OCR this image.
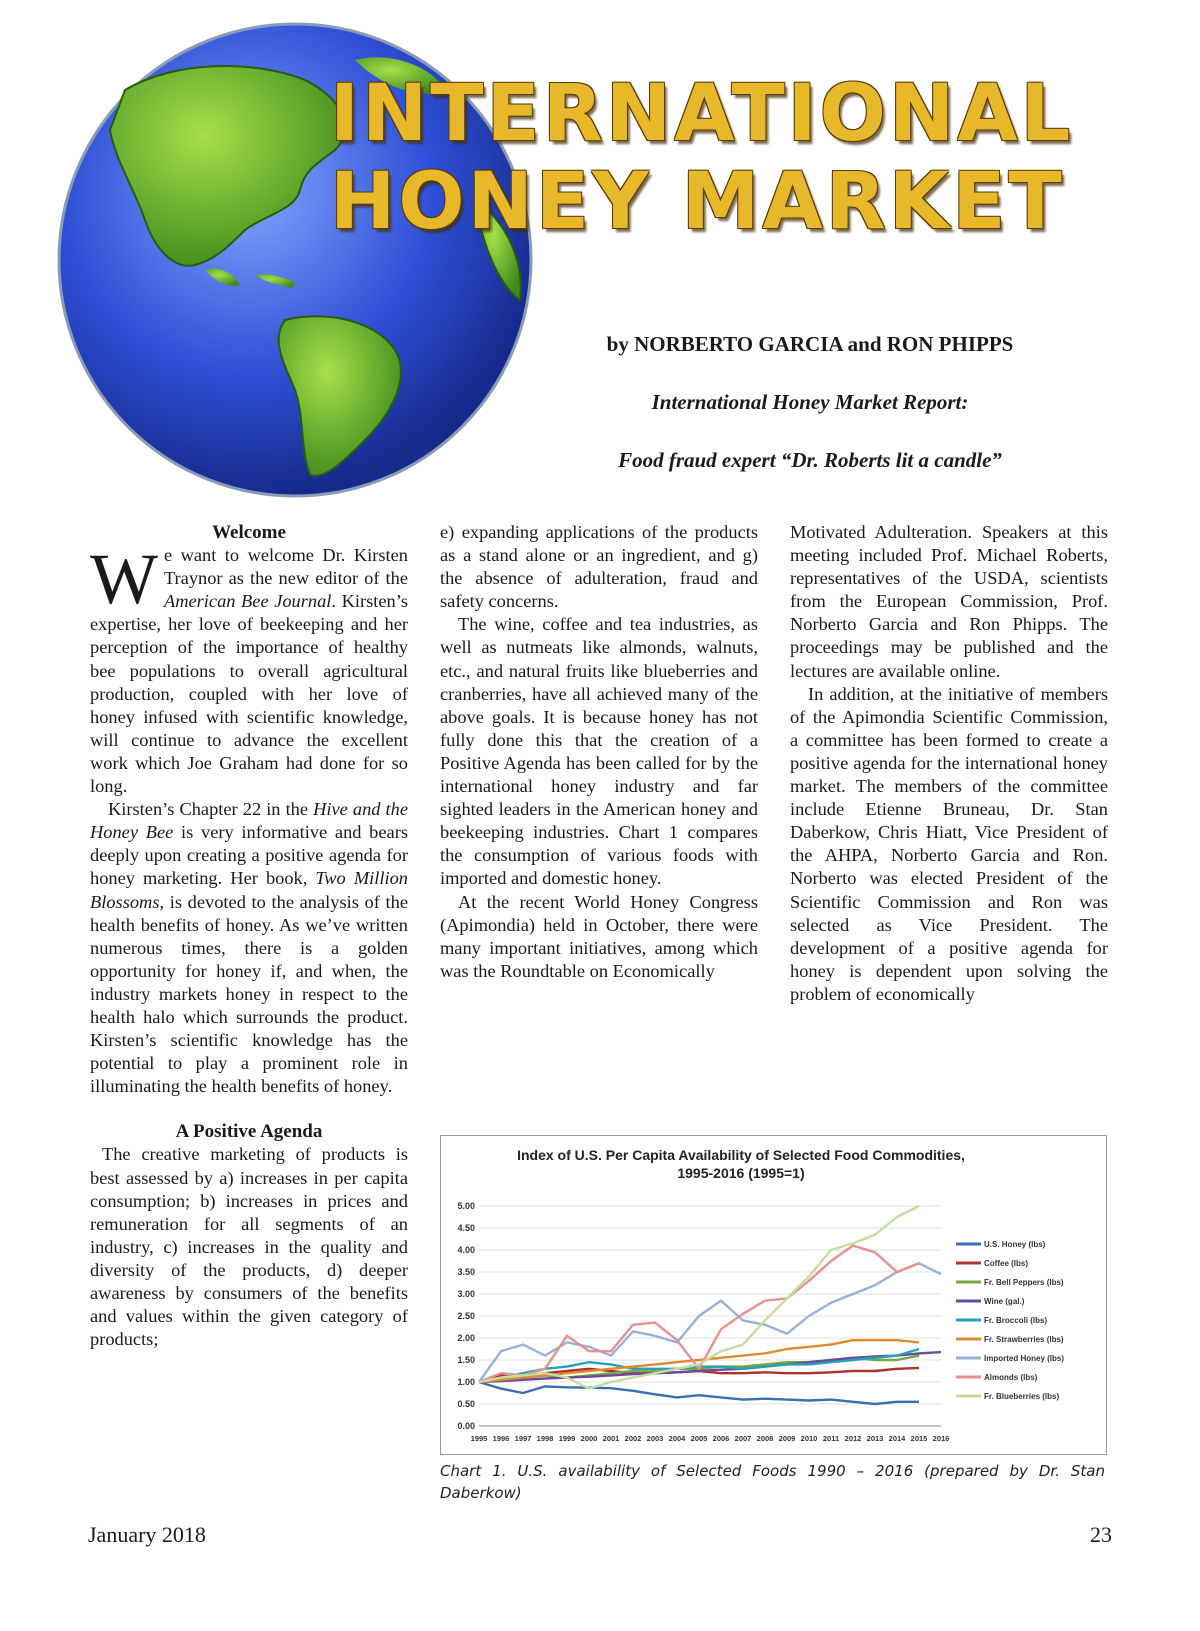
INTERNATIONAL
HONEY MARKET
by NORBERTO GARCIA and RON PHIPPS
International Honey Market Report:
Food fraud expert “Dr. Roberts lit a candle”
Welcome

We want to welcome Dr. Kirsten Traynor as the new editor of the American Bee Journal. Kirsten’s expertise, her love of beekeeping and her perception of the importance of healthy bee populations to overall agricultural production, coupled with her love of honey infused with scientific knowledge, will continue to advance the excellent work which Joe Graham had done for so long.

Kirsten’s Chapter 22 in the Hive and the Honey Bee is very informative and bears deeply upon creating a positive agenda for honey marketing. Her book, Two Million Blossoms, is devoted to the analysis of the health benefits of honey. As we’ve written numerous times, there is a golden opportunity for honey if, and when, the industry markets honey in respect to the health halo which surrounds the product. Kirsten’s scientific knowledge has the potential to play a prominent role in illuminating the health benefits of honey.

A Positive Agenda

The creative marketing of products is best assessed by a) increases in per capita consumption; b) increases in prices and remuneration for all segments of an industry, c) increases in the quality and diversity of the products, d) deeper awareness by consumers of the benefits and values within the given category of products;

e) expanding applications of the products as a stand alone or an ingredient, and g) the absence of adulteration, fraud and safety concerns.

The wine, coffee and tea industries, as well as nutmeats like almonds, walnuts, etc., and natural fruits like blueberries and cranberries, have all achieved many of the above goals. It is because honey has not fully done this that the creation of a Positive Agenda has been called for by the international honey industry and far sighted leaders in the American honey and beekeeping industries. Chart 1 compares the consumption of various foods with imported and domestic honey.

At the recent World Honey Congress (Apimondia) held in October, there were many important initiatives, among which was the Roundtable on Economically

Motivated Adulteration. Speakers at this meeting included Prof. Michael Roberts, representatives of the USDA, scientists from the European Commission, Prof. Norberto Garcia and Ron Phipps. The proceedings may be published and the lectures are available online.

In addition, at the initiative of members of the Apimondia Scientific Commission, a committee has been formed to create a positive agenda for the international honey market. The members of the committee include Etienne Bruneau, Dr. Stan Daberkow, Chris Hiatt, Vice President of the AHPA, Norberto Garcia and Ron. Norberto was elected President of the Scientific Commission and Ron was selected as Vice President. The development of a positive agenda for honey is dependent upon solving the problem of economically

Index of U.S. Per Capita Availability of Selected Food Commodities,
1995-2016 (1995=1)
0.00
0.50
1.00
1.50
2.00
2.50
3.00
3.50
4.00
4.50
5.00
1995 1996 1997 1998 1999 2000 2001 2002 2003 2004 2005 2006 2007 2008 2009 2010 2011 2012 2013 2014 2015 2016
U.S. Honey (lbs)
Coffee (lbs)
Fr. Bell Peppers (lbs)
Wine (gal.)
Fr. Broccoli (lbs)
Fr. Strawberries (lbs)
Imported Honey (lbs)
Almonds (lbs)
Fr. Blueberries (lbs)
Chart 1. U.S. availability of Selected Foods 1990 – 2016 (prepared by Dr. Stan Daberkow)
January 2018	23
